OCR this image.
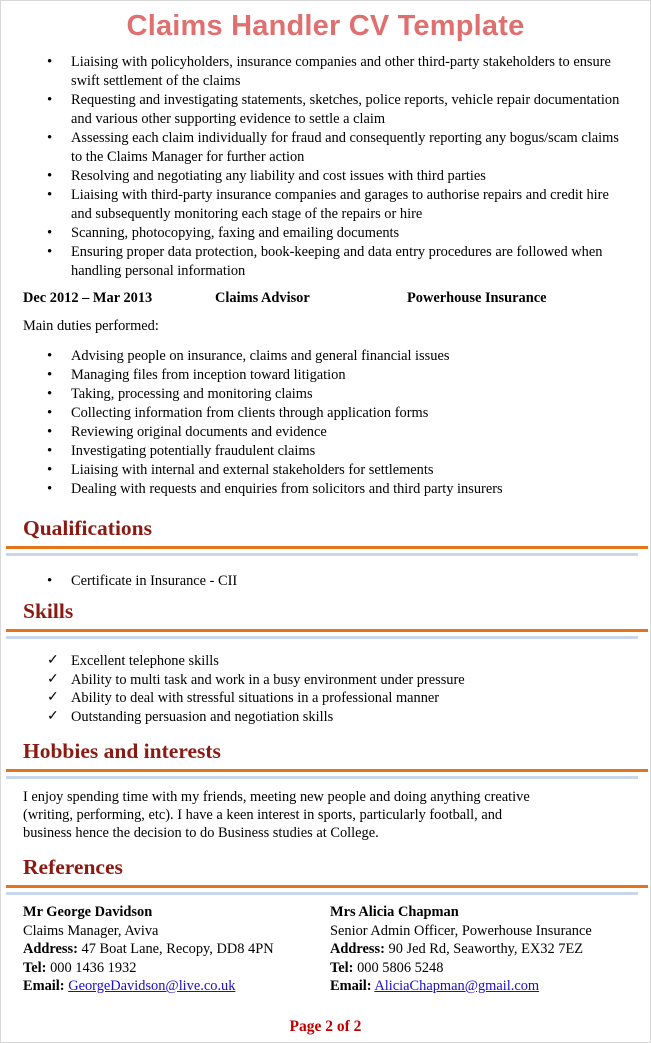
Claims Handler CV Template
• Liaising with policyholders, insurance companies and other third-party stakeholders to ensure swift settlement of the claims
• Requesting and investigating statements, sketches, police reports, vehicle repair documentation and various other supporting evidence to settle a claim
• Assessing each claim individually for fraud and consequently reporting any bogus/scam claims to the Claims Manager for further action
• Resolving and negotiating any liability and cost issues with third parties
• Liaising with third-party insurance companies and garages to authorise repairs and credit hire and subsequently monitoring each stage of the repairs or hire
• Scanning, photocopying, faxing and emailing documents
• Ensuring proper data protection, book-keeping and data entry procedures are followed when handling personal information
Dec 2012 – Mar 2013	Claims Advisor	Powerhouse Insurance
Main duties performed:
• Advising people on insurance, claims and general financial issues
• Managing files from inception toward litigation
• Taking, processing and monitoring claims
• Collecting information from clients through application forms
• Reviewing original documents and evidence
• Investigating potentially fraudulent claims
• Liaising with internal and external stakeholders for settlements
• Dealing with requests and enquiries from solicitors and third party insurers
Qualifications
• Certificate in Insurance - CII
Skills
✓ Excellent telephone skills
✓ Ability to multi task and work in a busy environment under pressure
✓ Ability to deal with stressful situations in a professional manner
✓ Outstanding persuasion and negotiation skills
Hobbies and interests
I enjoy spending time with my friends, meeting new people and doing anything creative
(writing, performing, etc). I have a keen interest in sports, particularly football, and
business hence the decision to do Business studies at College.
References
Mr George Davidson
Claims Manager, Aviva
Address: 47 Boat Lane, Recopy, DD8 4PN
Tel: 000 1436 1932
Email: GeorgeDavidson@live.co.uk
Mrs Alicia Chapman
Senior Admin Officer, Powerhouse Insurance
Address: 90 Jed Rd, Seaworthy, EX32 7EZ
Tel: 000 5806 5248
Email: AliciaChapman@gmail.com
Page 2 of 2
